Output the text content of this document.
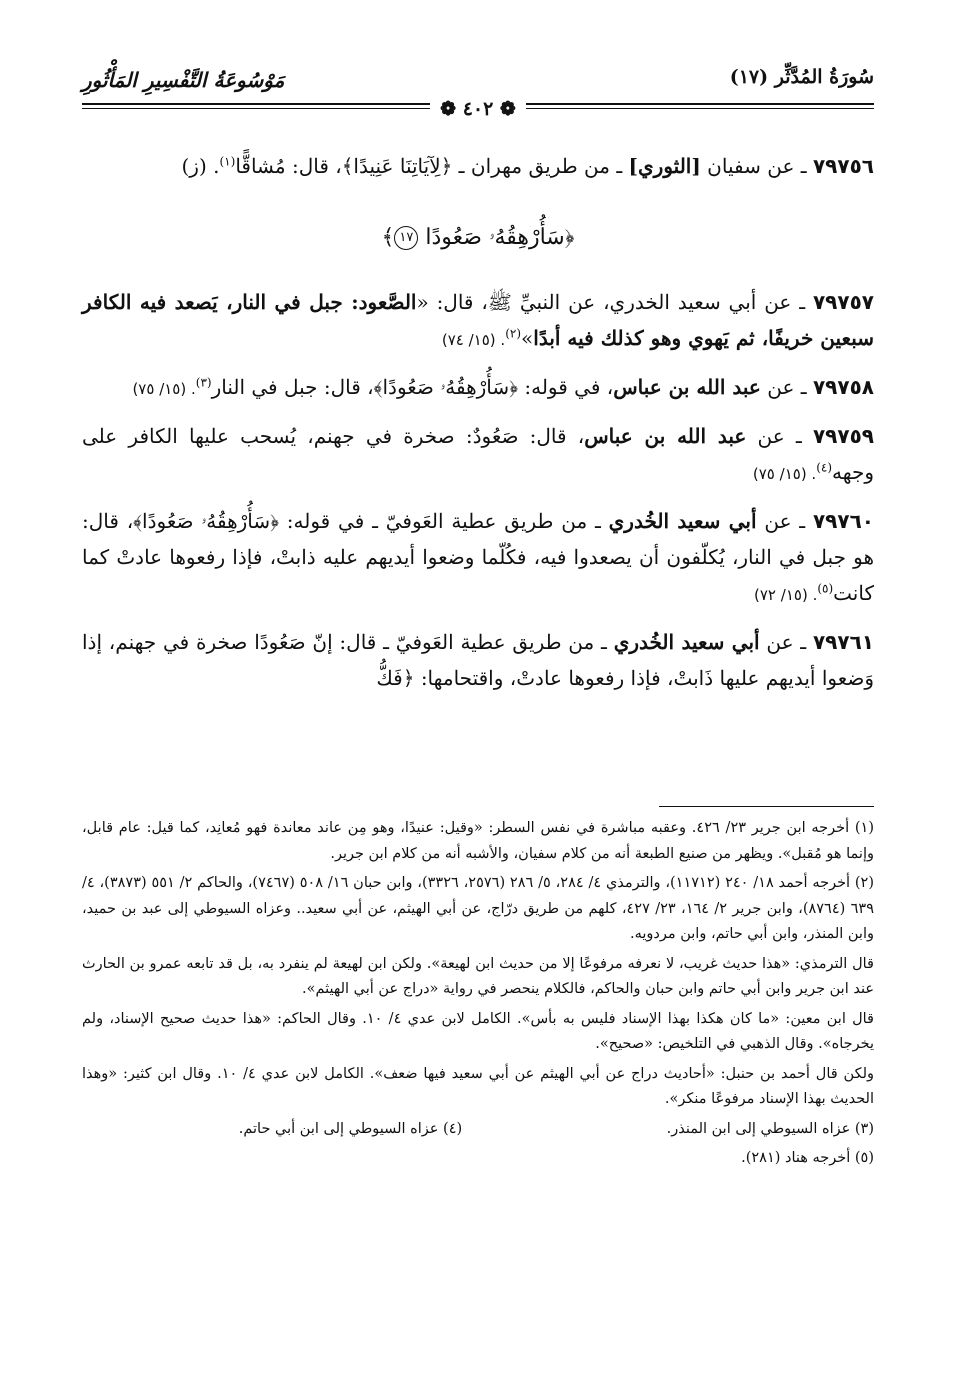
سُورَةُ المُدَّثِّر (١٧)
مَوْسُوعَةُ التَّفْسِيرِ المَأْثُورِ
❁ ٤٠٢ ❁

٧٩٧٥٦ ـ عن سفيان [الثوري] ـ من طريق مهران ـ ﴿لِآيَاتِنَا عَنِيدًا﴾، قال: مُشاقًّا$^{(١)}$. (ز)

﴿سَأُرْهِقُهُۥ صَعُودًا ١٧﴾

٧٩٧٥٧ ـ عن أبي سعيد الخدري، عن النبيِّ ﷺ، قال: «الصَّعود: جبل في النار، يَصعد فيه الكافر سبعين خريفًا، ثم يَهوي وهو كذلك فيه أبدًا»$^{(٢)}$. (١٥/ ٧٤)

٧٩٧٥٨ ـ عن عبد الله بن عباس، في قوله: ﴿سَأُرْهِقُهُۥ صَعُودًا﴾، قال: جبل في النار$^{(٣)}$. (١٥/ ٧٥)

٧٩٧٥٩ ـ عن عبد الله بن عباس، قال: صَعُودٌ: صخرة في جهنم، يُسحب عليها الكافر على وجهه$^{(٤)}$. (١٥/ ٧٥)

٧٩٧٦٠ ـ عن أبي سعيد الخُدري ـ من طريق عطية العَوفيّ ـ في قوله: ﴿سَأُرْهِقُهُۥ صَعُودًا﴾، قال: هو جبل في النار، يُكلّفون أن يصعدوا فيه، فكُلّما وضعوا أيديهم عليه ذابتْ، فإذا رفعوها عادتْ كما كانت$^{(٥)}$. (١٥/ ٧٢)

٧٩٧٦١ ـ عن أبي سعيد الخُدري ـ من طريق عطية العَوفيّ ـ قال: إنّ صَعُودًا صخرة في جهنم، إذا وَضعوا أيديهم عليها ذَابتْ، فإذا رفعوها عادتْ، واقتحامها: ﴿فَكُّ

(١) أخرجه ابن جرير ٢٣/ ٤٢٦. وعقبه مباشرة في نفس السطر: «وقيل: عنيدًا، وهو مِن عاند معاندة فهو مُعانِد، كما قيل: عام قابل، وإنما هو مُقبل». ويظهر من صنيع الطبعة أنه من كلام سفيان، والأشبه أنه من كلام ابن جرير.

(٢) أخرجه أحمد ١٨/ ٢٤٠ (١١٧١٢)، والترمذي ٤/ ٢٨٤، ٥/ ٢٨٦ (٢٥٧٦، ٣٣٢٦)، وابن حبان ١٦/ ٥٠٨ (٧٤٦٧)، والحاكم ٢/ ٥٥١ (٣٨٧٣)، ٤/ ٦٣٩ (٨٧٦٤)، وابن جرير ٢/ ١٦٤، ٢٣/ ٤٢٧، كلهم من طريق درّاج، عن أبي الهيثم، عن أبي سعيد.. وعزاه السيوطي إلى عبد بن حميد، وابن المنذر، وابن أبي حاتم، وابن مردويه.

قال الترمذي: «هذا حديث غريب، لا نعرفه مرفوعًا إلا من حديث ابن لهيعة». ولكن ابن لهيعة لم ينفرد به، بل قد تابعه عمرو بن الحارث عند ابن جرير وابن أبي حاتم وابن حبان والحاكم، فالكلام ينحصر في رواية «دراج عن أبي الهيثم».

قال ابن معين: «ما كان هكذا بهذا الإسناد فليس به بأس». الكامل لابن عدي ٤/ ١٠. وقال الحاكم: «هذا حديث صحيح الإسناد، ولم يخرجاه». وقال الذهبي في التلخيص: «صحيح».

ولكن قال أحمد بن حنبل: «أحاديث دراج عن أبي الهيثم عن أبي سعيد فيها ضعف». الكامل لابن عدي ٤/ ١٠. وقال ابن كثير: «وهذا الحديث بهذا الإسناد مرفوعًا منكر».

(٣) عزاه السيوطي إلى ابن المنذر.
(٤) عزاه السيوطي إلى ابن أبي حاتم.

(٥) أخرجه هناد (٢٨١).
